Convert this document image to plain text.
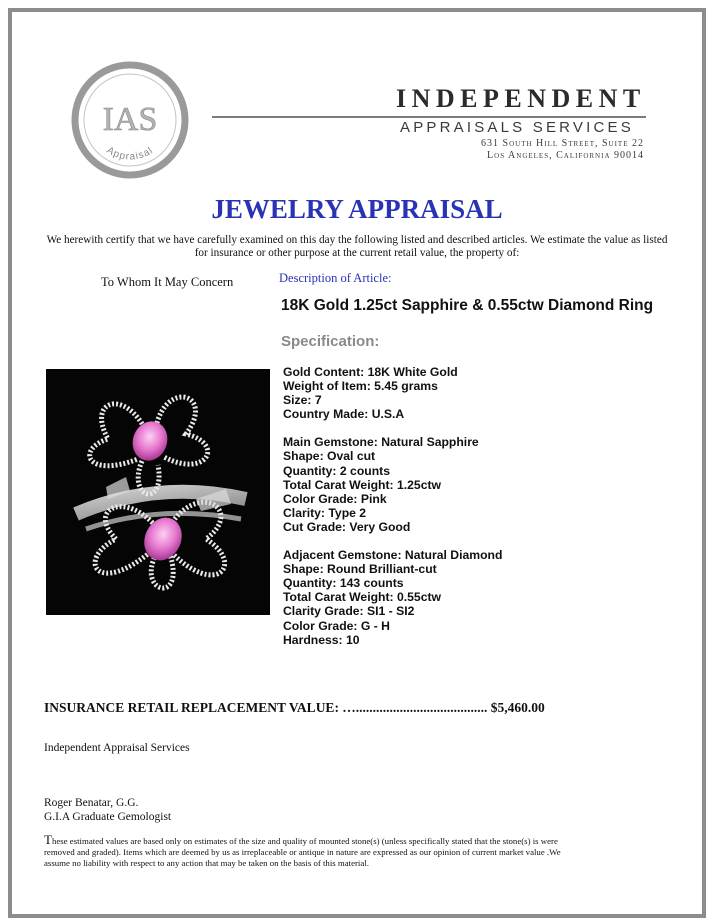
IAS
Appraisal
INDEPENDENT
APPRAISALS SERVICES
631 South Hill Street, Suite 22
Los Angeles, California 90014
JEWELRY APPRAISAL
We herewith certify that we have carefully examined on this day the following listed and described articles. We estimate the value as listed for insurance or other purpose at the current retail value, the property of:
To Whom It May Concern	Description of Article:
18K Gold 1.25ct Sapphire & 0.55ctw Diamond Ring
Specification:
Gold Content: 18K White Gold
Weight of Item: 5.45 grams
Size: 7
Country Made: U.S.A
Main Gemstone: Natural Sapphire
Shape: Oval cut
Quantity: 2 counts
Total Carat Weight: 1.25ctw
Color Grade: Pink
Clarity: Type 2
Cut Grade: Very Good
Adjacent Gemstone: Natural Diamond
Shape: Round Brilliant-cut
Quantity: 143 counts
Total Carat Weight: 0.55ctw
Clarity Grade: SI1 - SI2
Color Grade: G - H
Hardness: 10
INSURANCE RETAIL REPLACEMENT VALUE: …....................................... $5,460.00
Independent Appraisal Services
Roger Benatar, G.G.
G.I.A Graduate Gemologist
These estimated values are based only on estimates of the size and quality of mounted stone(s) (unless specifically stated that the stone(s) is were removed and graded). Items which are deemed by us as irreplaceable or antique in nature are expressed as our opinion of current market value .We assume no liability with respect to any action that may be taken on the basis of this material.
